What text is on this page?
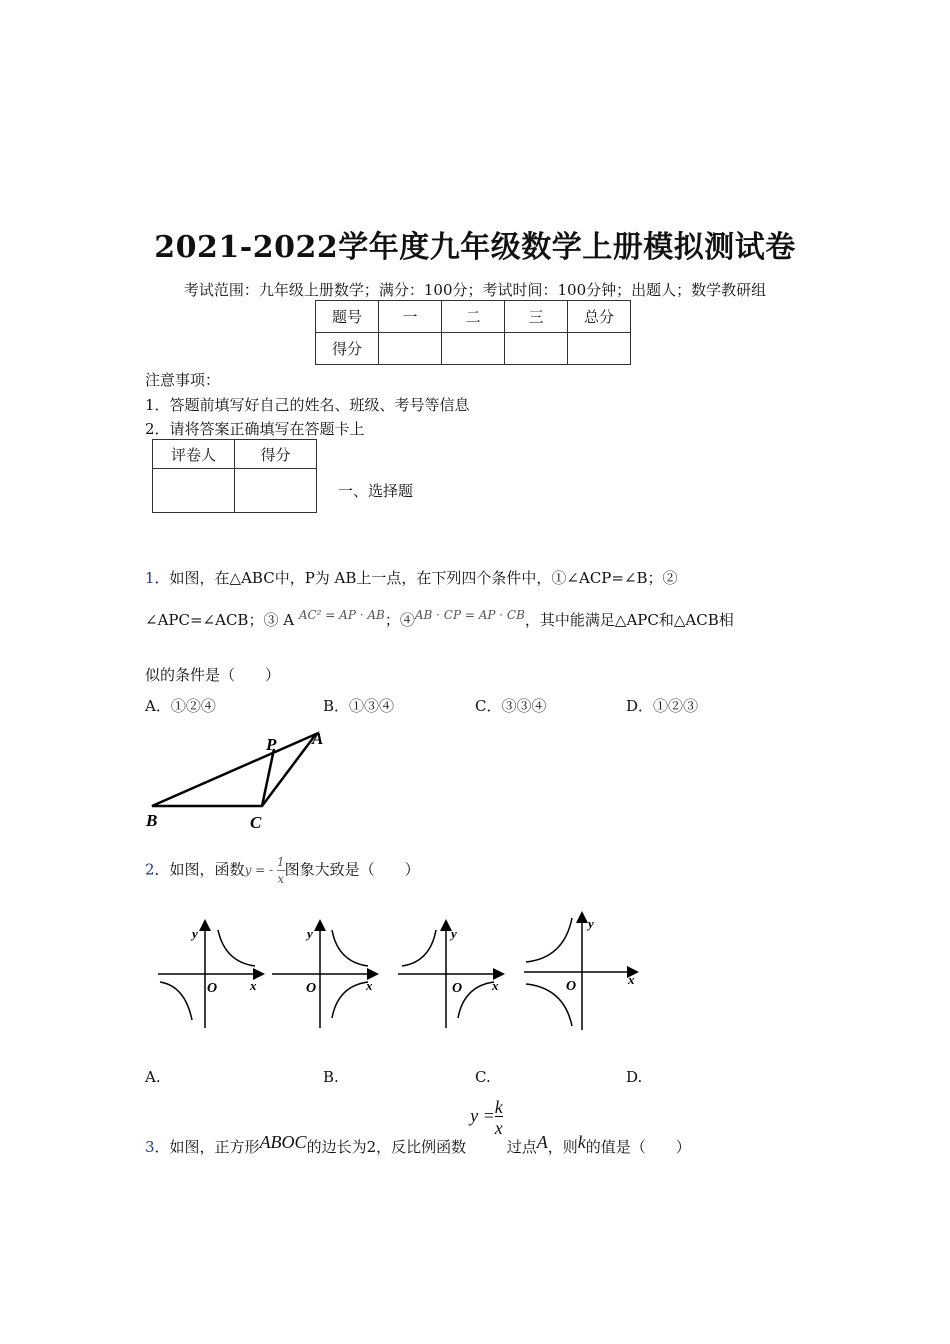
2021-2022学年度九年级数学上册模拟测试卷
考试范围：九年级上册数学；满分：100分；考试时间：100分钟；出题人；数学教研组
题号	一	二	三	总分
得分				
注意事项：
1．答题前填写好自己的姓名、班级、考号等信息
2．请将答案正确填写在答题卡上
评卷人	得分

一、选择题
1．如图，在△ABC中，P为 AB上一点，在下列四个条件中，①∠ACP=∠B；②
∠APC=∠ACB；③ A $^{AC^2 = AP \cdot AB}$；④$^{AB \cdot CP = AP \cdot CB}$，其中能满足△APC和△ACB相
似的条件是（　　）
A．①②④	B．①③④	C．③③④	D．①②③
P A
B	C
2．如图，函数y = - $\frac{1}{x}$ 图象大致是（　　）
y
x
O
y
x
O
y
x
O
y
x
O
A.	B.	C.	D.
3．如图，正方形ABOC的边长为2，反比例函数$y = \frac{k}{x}$
过点A，则k的值是（　　）
